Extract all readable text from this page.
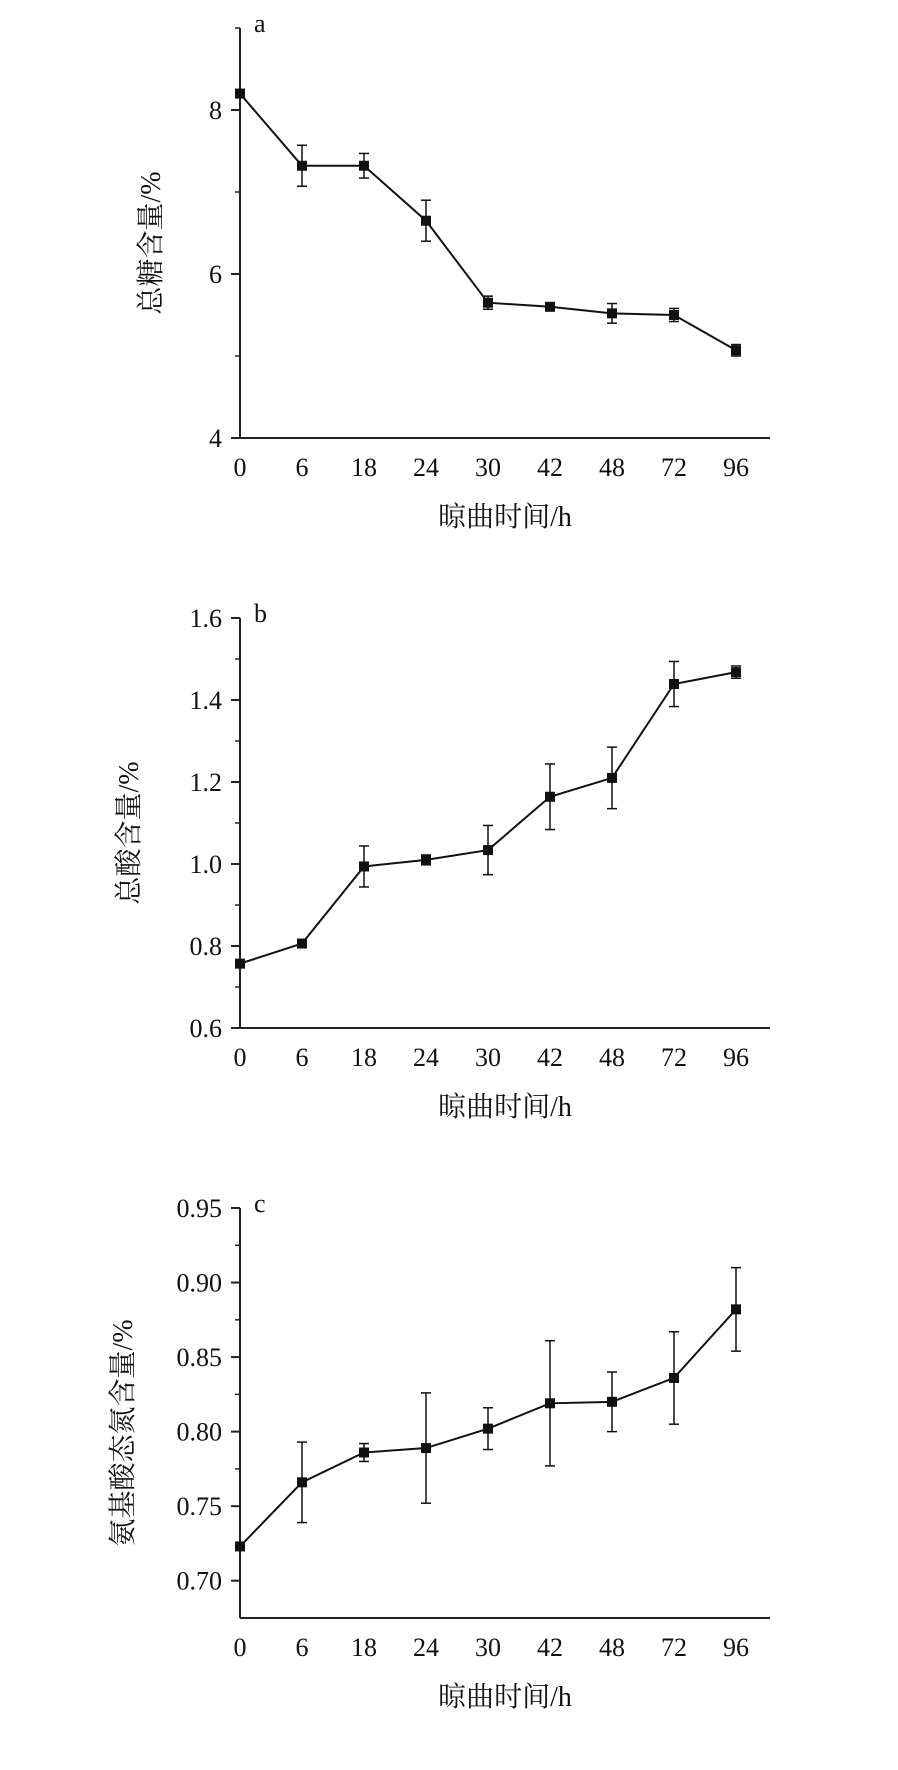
4
6
8
0 6 18 24 30 42 48 72 96
晾曲时间/h
总糖含量/%
a
0.6
0.8
1.0
1.2
1.4
1.6
0 6 18 24 30 42 48 72 96
晾曲时间/h
总酸含量/%
b
0.70
0.75
0.80
0.85
0.90
0.95
0 6 18 24 30 42 48 72 96
晾曲时间/h
氨基酸态氮含量/%
c
